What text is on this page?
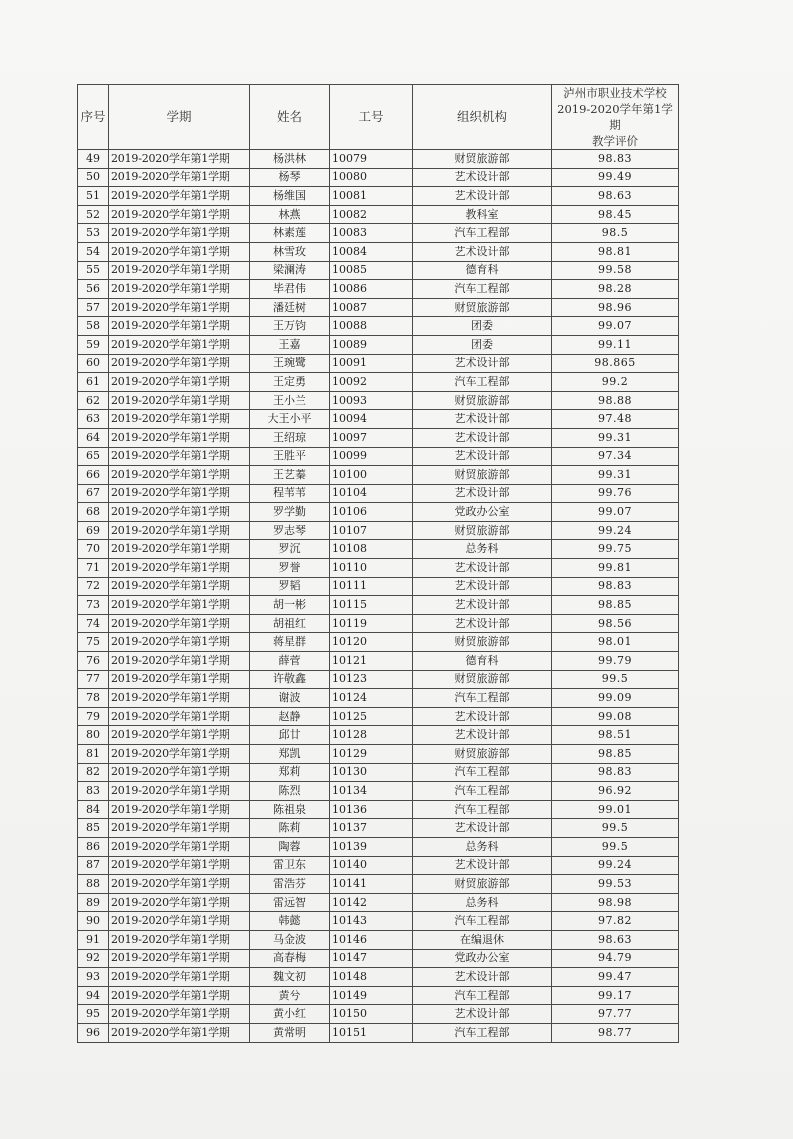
序号	学期	姓名	工号	组织机构	泸州市职业技术学校
2019-2020学年第1学期
教学评价

49	2019-2020学年第1学期	杨洪林	10079	财贸旅游部	98.83
50	2019-2020学年第1学期	杨琴	10080	艺术设计部	99.49
51	2019-2020学年第1学期	杨维国	10081	艺术设计部	98.63
52	2019-2020学年第1学期	林燕	10082	教科室	98.45
53	2019-2020学年第1学期	林素莲	10083	汽车工程部	98.5
54	2019-2020学年第1学期	林雪玫	10084	艺术设计部	98.81
55	2019-2020学年第1学期	梁澜涛	10085	德育科	99.58
56	2019-2020学年第1学期	毕君伟	10086	汽车工程部	98.28
57	2019-2020学年第1学期	潘廷树	10087	财贸旅游部	98.96
58	2019-2020学年第1学期	王万钧	10088	团委	99.07
59	2019-2020学年第1学期	王嘉	10089	团委	99.11
60	2019-2020学年第1学期	王琬鹭	10091	艺术设计部	98.865
61	2019-2020学年第1学期	王定勇	10092	汽车工程部	99.2
62	2019-2020学年第1学期	王小兰	10093	财贸旅游部	98.88
63	2019-2020学年第1学期	大王小平	10094	艺术设计部	97.48
64	2019-2020学年第1学期	王绍琼	10097	艺术设计部	99.31
65	2019-2020学年第1学期	王胜平	10099	艺术设计部	97.34
66	2019-2020学年第1学期	王艺蓁	10100	财贸旅游部	99.31
67	2019-2020学年第1学期	程苇苇	10104	艺术设计部	99.76
68	2019-2020学年第1学期	罗学勤	10106	党政办公室	99.07
69	2019-2020学年第1学期	罗志琴	10107	财贸旅游部	99.24
70	2019-2020学年第1学期	罗沉	10108	总务科	99.75
71	2019-2020学年第1学期	罗誉	10110	艺术设计部	99.81
72	2019-2020学年第1学期	罗韬	10111	艺术设计部	98.83
73	2019-2020学年第1学期	胡一彬	10115	艺术设计部	98.85
74	2019-2020学年第1学期	胡祖红	10119	艺术设计部	98.56
75	2019-2020学年第1学期	蒋星群	10120	财贸旅游部	98.01
76	2019-2020学年第1学期	薛菅	10121	德育科	99.79
77	2019-2020学年第1学期	许敬鑫	10123	财贸旅游部	99.5
78	2019-2020学年第1学期	谢波	10124	汽车工程部	99.09
79	2019-2020学年第1学期	赵静	10125	艺术设计部	99.08
80	2019-2020学年第1学期	邱廿	10128	艺术设计部	98.51
81	2019-2020学年第1学期	郑凯	10129	财贸旅游部	98.85
82	2019-2020学年第1学期	郑莉	10130	汽车工程部	98.83
83	2019-2020学年第1学期	陈烈	10134	汽车工程部	96.92
84	2019-2020学年第1学期	陈祖泉	10136	汽车工程部	99.01
85	2019-2020学年第1学期	陈莉	10137	艺术设计部	99.5
86	2019-2020学年第1学期	陶蓉	10139	总务科	99.5
87	2019-2020学年第1学期	雷卫东	10140	艺术设计部	99.24
88	2019-2020学年第1学期	雷浩芬	10141	财贸旅游部	99.53
89	2019-2020学年第1学期	雷远智	10142	总务科	98.98
90	2019-2020学年第1学期	韩懿	10143	汽车工程部	97.82
91	2019-2020学年第1学期	马金波	10146	在编退休	98.63
92	2019-2020学年第1学期	高春梅	10147	党政办公室	94.79
93	2019-2020学年第1学期	魏文初	10148	艺术设计部	99.47
94	2019-2020学年第1学期	黄兮	10149	汽车工程部	99.17
95	2019-2020学年第1学期	黄小红	10150	艺术设计部	97.77
96	2019-2020学年第1学期	黄常明	10151	汽车工程部	98.77
